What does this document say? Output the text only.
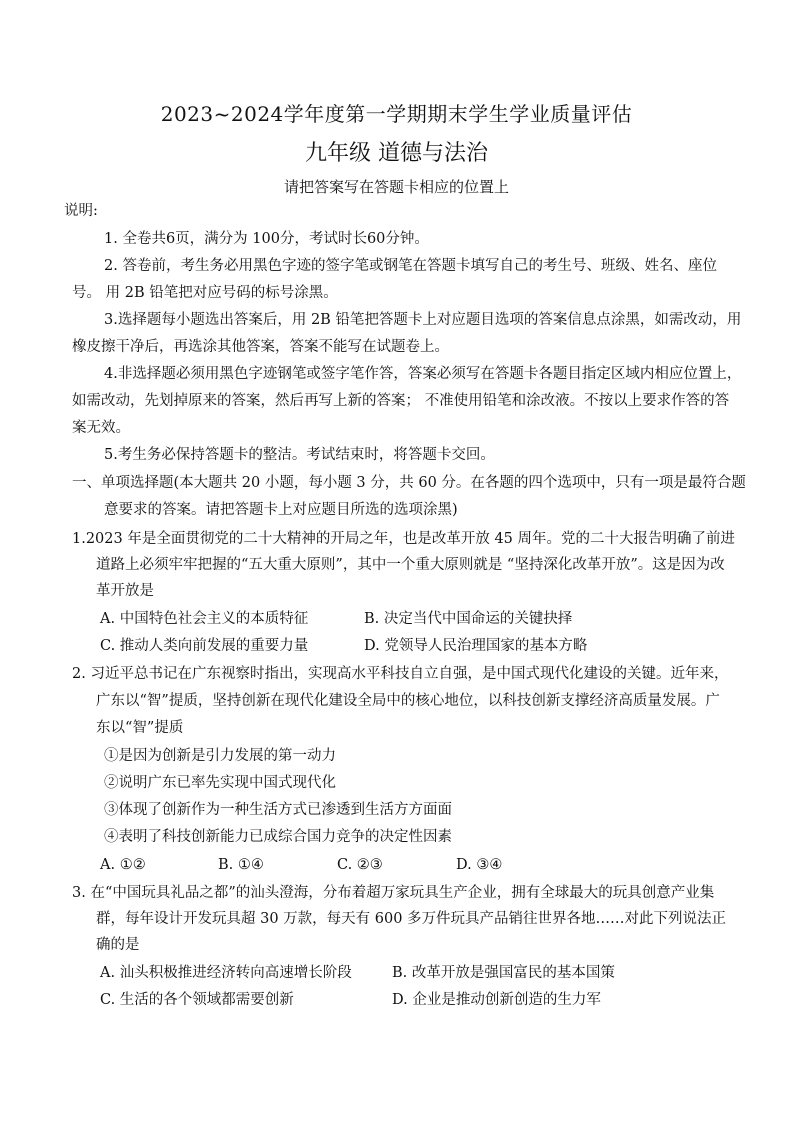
2023~2024学年度第一学期期末学生学业质量评估
九年级 道德与法治
请把答案写在答题卡相应的位置上
说明:
1. 全卷共6页，满分为 100分，考试时长60分钟。
2. 答卷前，考生务必用黑色字迹的签字笔或钢笔在答题卡填写自己的考生号、班级、姓名、座位
号。 用 2B 铅笔把对应号码的标号涂黑。
3.选择题每小题选出答案后，用 2B 铅笔把答题卡上对应题目选项的答案信息点涂黑，如需改动，用
橡皮擦干净后，再选涂其他答案，答案不能写在试题卷上。
4.非选择题必须用黑色字迹钢笔或签字笔作答，答案必须写在答题卡各题目指定区域内相应位置上，
如需改动，先划掉原来的答案，然后再写上新的答案； 不准使用铅笔和涂改液。不按以上要求作答的答
案无效。
5.考生务必保持答题卡的整洁。考试结束时，将答题卡交回。
一、单项选择题(本大题共 20 小题，每小题 3 分，共 60 分。在各题的四个选项中，只有一项是最符合题
意要求的答案。请把答题卡上对应题目所选的选项涂黑)
1.2023 年是全面贯彻党的二十大精神的开局之年，也是改革开放 45 周年。党的二十大报告明确了前进
道路上必须牢牢把握的“五大重大原则”，其中一个重大原则就是 “坚持深化改革开放”。这是因为改
革开放是
A. 中国特色社会主义的本质特征	B. 决定当代中国命运的关键抉择
C. 推动人类向前发展的重要力量	D. 党领导人民治理国家的基本方略
2. 习近平总书记在广东视察时指出，实现高水平科技自立自强，是中国式现代化建设的关键。近年来，
广东以“智”提质，坚持创新在现代化建设全局中的核心地位，以科技创新支撑经济高质量发展。广
东以“智”提质
①是因为创新是引力发展的第一动力
②说明广东已率先实现中国式现代化
③体现了创新作为一种生活方式已渗透到生活方方面面
④表明了科技创新能力已成综合国力竞争的决定性因素
A. ①②	B. ①④	C. ②③	D. ③④
3. 在“中国玩具礼品之都”的汕头澄海，分布着超万家玩具生产企业，拥有全球最大的玩具创意产业集
群，每年设计开发玩具超 30 万款，每天有 600 多万件玩具产品销往世界各地……对此下列说法正
确的是
A. 汕头积极推进经济转向高速增长阶段	B. 改革开放是强国富民的基本国策
C. 生活的各个领域都需要创新	D. 企业是推动创新创造的生力军
